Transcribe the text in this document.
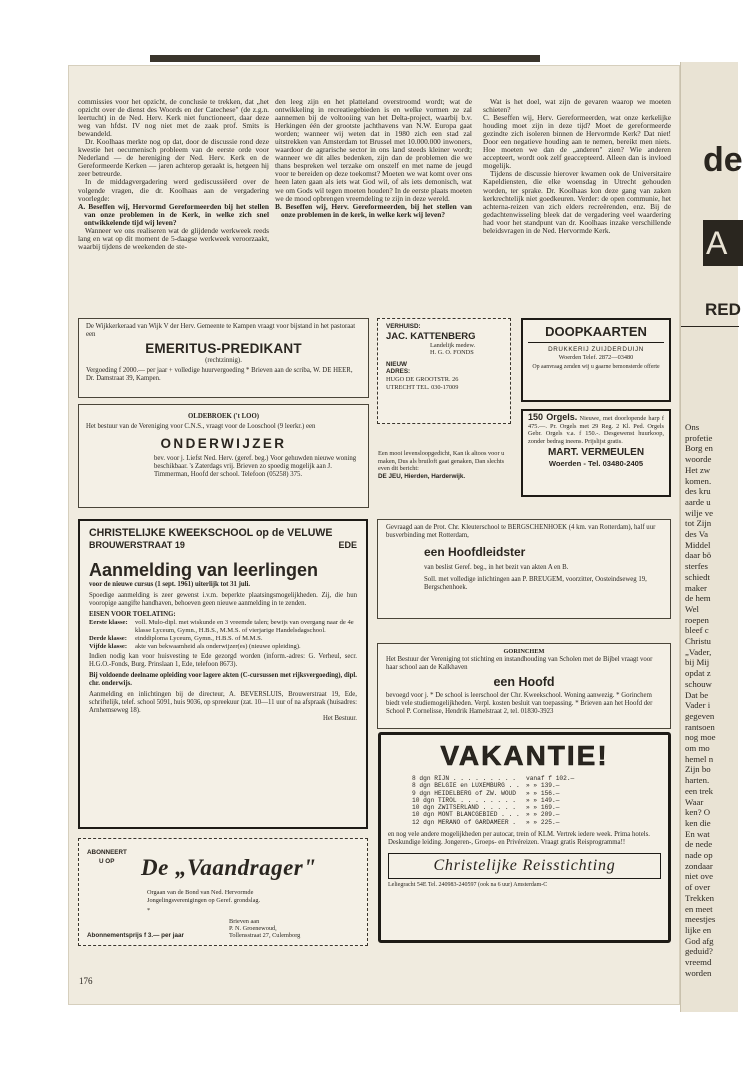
commissies voor het opzicht, de conclusie te trekken, dat „het opzicht over de dienst des Woords en der Catechese" (de z.g.n. leertucht) in de Ned. Herv. Kerk niet functioneert, daar deze weg van hfdst. IV nog niet met de zaak prof. Smits is bewandeld.

Dr. Koolhaas merkte nog op dat, door de discussie rond deze kwestie het oecumenisch probleem van de eerste orde voor Nederland — de hereniging der Ned. Herv. Kerk en de Gereformeerde Kerken — jaren achterop geraakt is, hetgeen hij zeer betreurde.

In de middagvergadering werd gediscussiëerd over de volgende vragen, die dr. Koolhaas aan de vergadering voorlegde:

A. Beseffen wij, Hervormd Gereformeerden bij het stellen van onze problemen in de Kerk, in welke zich snel ontwikkelende tijd wij leven?

Wanneer we ons realiseren wat de glijdende werkweek reeds lang en wat op dit moment de 5-daagse werkweek veroorzaakt, waarbij tijdens de weekenden de ste-

den leeg zijn en het platteland overstroomd wordt; wat de ontwikkeling in recreatiegebieden is en welke vormen ze zal aannemen bij de voltooiing van het Delta-project, waarbij b.v. Herkingen één der grootste jachthavens van N.W. Europa gaat worden; wanneer wij weten dat in 1980 zich een stad zal uitstrekken van Amsterdam tot Brussel met 10.000.000 inwoners, waardoor de agrarische sector in ons land steeds kleiner wordt; wanneer we dit alles bedenken, zijn dan de problemen die we thans bespreken wel terzake om onszelf en met name de jeugd voor te bereiden op deze toekomst? Moeten we wat komt over ons heen laten gaan als iets wat God wil, of als iets demonisch, wat we om Gods wil tegen moeten houden? In de eerste plaats moeten we de mood opbrengen vreemdeling te zijn in deze wereld.

B. Beseffen wij, Herv. Gereformeerden, bij het stellen van onze problemen in de kerk, in welke kerk wij leven?

Wat is het doel, wat zijn de gevaren waarop we moeten schieten?

C. Beseffen wij, Herv. Gereformeerden, wat onze kerkelijke houding moet zijn in deze tijd? Moet de gereformeerde gezindte zich isoleren binnen de Hervormde Kerk? Dat niet! Door een negatieve houding aan te nemen, bereikt men niets. Hoe moeten we dan de „anderen" zien? Wie anderen accepteert, wordt ook zelf geaccepteerd. Alleen dan is invloed mogelijk.

Tijdens de discussie hierover kwamen ook de Universitaire Kapeldiensten, die elke woensdag in Utrecht gehouden worden, ter sprake. Dr. Koolhaas kon deze gang van zaken kerkrechtelijk niet goedkeuren. Verder: de open communie, het achterna-reizen van zich elders recreërenden, enz. Bij de gedachtenwisseling bleek dat de vergadering veel waardering had voor het standpunt van dr. Koolhaas inzake verschillende beleidsvragen in de Ned. Hervormde Kerk.

De Wijkkerkeraad van Wijk V der Herv. Gemeente te Kampen vraagt voor bijstand in het pastoraat een
EMERITUS-PREDIKANT
(rechtzinnig).
Vergoeding f 2000.— per jaar + volledige huurvergoeding * Brieven aan de scriba, W. DE HEER, Dr. Damstraat 39, Kampen.
OLDEBROEK ('t LOO)
Het bestuur van de Vereniging voor C.N.S., vraagt voor de Looschool (9 leerkr.) een
ONDERWIJZER
bev. voor j. Liefst Ned. Herv. (geref. beg.) Voor gehuwden nieuwe woning beschikbaar. 's Zaterdags vrij. Brieven zo spoedig mogelijk aan J. Timmerman, Hoofd der school. Telefoon (05258) 375.
VERHUISD:
JAC. KATTENBERG
Landelijk medew.
H. G. O. FONDS
NIEUW
ADRES:
HUGO DE GROOTSTR. 26
UTRECHT TEL. 030-17009
DOOPKAARTEN
DRUKKERIJ ZUIJDERDUIJN
Woerden Telef. 2872—03480
Op aanvraag zenden wij u gaarne bemonsterde offerte
150 Orgels. Nieuwe, met doorlopende harp f 475.—. Pr. Orgels met 29 Reg. 2 Kl. Ped. Orgels Gebr. Orgels v.a. f 150.-. Desgewenst huurkoop, zonder bedrag ineens. Prijslijst gratis.
MART. VERMEULEN
Woerden - Tel. 03480-2405
Een mooi levensloopgedicht, Kan ik altoos voor u maken, Dus als bruiloft gaat genaken, Dan slechts even dit bericht:
DE JEU, Hierden, Harderwijk.
CHRISTELIJKE KWEEKSCHOOL op de VELUWE
BROUWERSTRAAT 19	EDE
Aanmelding van leerlingen
voor de nieuwe cursus (1 sept. 1961) uiterlijk tot 31 juli.
Spoedige aanmelding is zeer gewenst i.v.m. beperkte plaatsingsmogelijkheden. Zij, die hun vooropige aangifte handhaven, behoeven geen nieuwe aanmelding in te zenden.
EISEN VOOR TOELATING:
Eerste klasse:	voll. Mulo-dipl. met wiskunde en 3 vreemde talen; bewijs van overgang naar de 4e klasse Lyceum, Gymn., H.B.S., M.M.S. of vierjarige Handelsdagschool.
Derde klasse:	einddiploma Lyceum, Gymn., H.B.S. of M.M.S.
Vijfde klasse:	akte van bekwaamheid als onderwijzer(es) (nieuwe opleiding).
Indien nodig kan voor huisvesting te Ede gezorgd worden (inform.-adres: G. Verheul, secr. H.G.O.-Fonds, Burg. Prinslaan 1, Ede, telefoon 8673).
Bij voldoende deelname opleiding voor lagere akten (C-cursussen met rijksvergoeding), dipl. chr. onderwijs.
Aanmelding en inlichtingen bij de directeur, A. BEVERSLUIS, Brouwerstraat 19, Ede, schriftelijk, telef. school 5091, huis 9036, op spreekuur (zat. 10—11 uur of na afspraak (huisadres: Arnhemseweg 18).
Het Bestuur.
ABONNEERT
U OP De „Vaandrager"
Orgaan van de Bond van Ned. Hervormde Jongelingsverenigingen op Geref. grondslag.
*
Brieven aan
P. N. Groenewoud,
Abonnementsprijs f 3.— per jaar	Tollensstraat 27, Culemborg
Gevraagd aan de Prot. Chr. Kleuterschool te BERGSCHENHOEK (4 km. van Rotterdam), half uur busverbinding met Rotterdam,
een Hoofdleidster
van beslist Geref. beg., in het bezit van akten A en B.
Soll. met volledige inlichtingen aan P. BREUGEM, voorzitter, Oosteindseweg 19, Bergschenhoek.
GORINCHEM
Het Bestuur der Vereniging tot stichting en instandhouding van Scholen met de Bijbel vraagt voor haar school aan de Kalkhaven
een Hoofd
bevoegd voor j. * De school is leerschool der Chr. Kweekschool. Woning aanwezig. * Gorinchem biedt vele studiemogelijkheden. Verpl. kosten besluit van toepassing. * Brieven aan het Hoofd der School P. Cornelisse, Hendrik Hamelstraat 2, tel. 01830-3923
VAKANTIE!
8 dgn RIJN . . . . . . . . .	vanaf f 102.—
8 dgn BELGIE en LUXEMBURG . . » » 139.—
9 dgn HEIDELBERG of ZW. WOUD	» » 156.—
10 dgn TIROL . . . . . . . .	» » 149.—
10 dgn ZWITSERLAND . . . . .	» » 169.—
10 dgn MONT BLANCGEBIED . . . » » 209.—
12 dgn MERANO of GARDAMEER .	» » 225.—
en nog vele andere mogelijkheden per autocar, trein of KLM. Vertrek iedere week. Prima hotels. Deskundige leiding. Jongeren-, Groeps- en Privéreizen. Vraagt gratis Reisprogramma!!
Christelijke Reisstichting
Leliegracht 54E Tel. 240983-240597 (ook na 6 uur) Amsterdam-C
176
de
A
RED
Ons
profetie
Borg en
woorde
Het zw
komen.
des kru
aarde u
wilje ve
tot Zijn
des Va
Middel
daar bö
sterfes
schiedt
maker
de hem
Wel
roepen
bleef c
Christu
„Vader,
bij Mij
opdat z
schouw
Dat be
Vader i
gegeven
rantsoen
nog moe
om mo
hemel n
Zijn bo
harten.
een trek
Waar
ken? O
ken die
En wat
de nede
nade op
zondaar
niet ove
of over
Trekken
en meet
meestjes
lijke en
God afg
geduid?
vreemd
worden
